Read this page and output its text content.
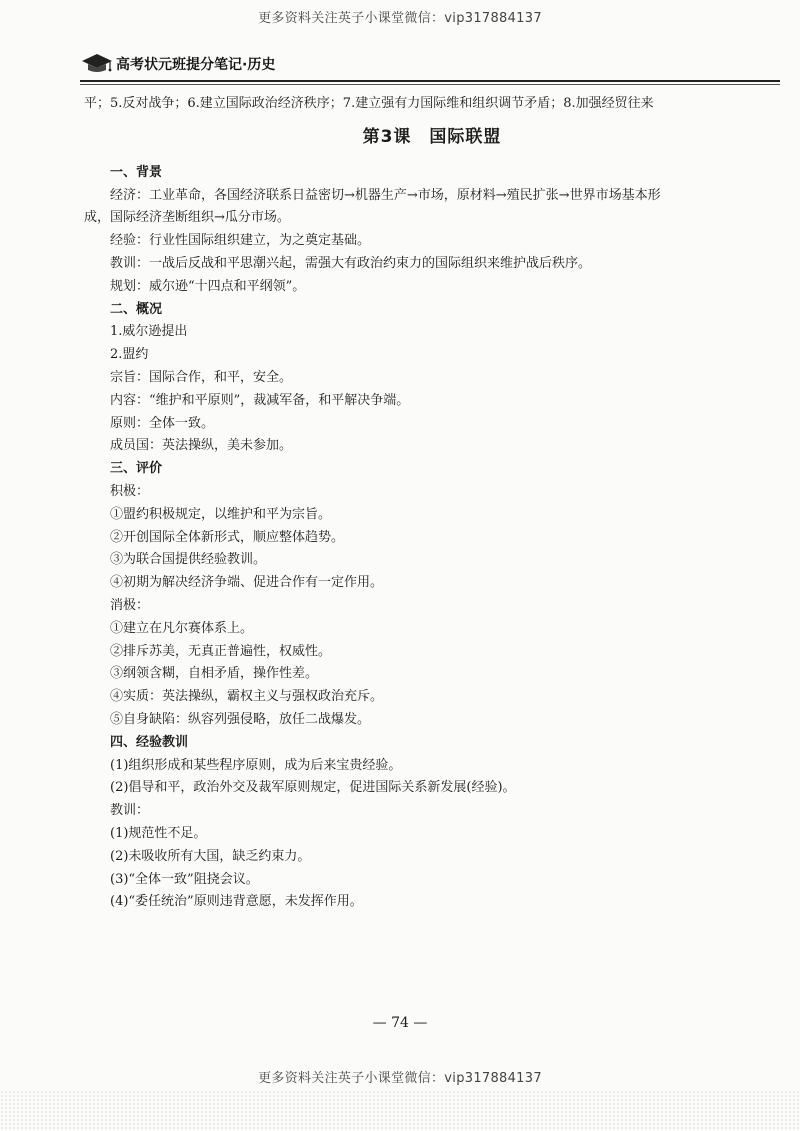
更多资料关注英子小课堂微信：vip317884137
高考状元班提分笔记·历史
平；5.反对战争；6.建立国际政治经济秩序；7.建立强有力国际维和组织调节矛盾；8.加强经贸往来
第3课　国际联盟
一、背景
经济：工业革命，各国经济联系日益密切→机器生产→市场，原材料→殖民扩张→世界市场基本形
成，国际经济垄断组织→瓜分市场。
经验：行业性国际组织建立，为之奠定基础。
教训：一战后反战和平思潮兴起，需强大有政治约束力的国际组织来维护战后秩序。
规划：威尔逊“十四点和平纲领”。
二、概况
1.威尔逊提出
2.盟约
宗旨：国际合作，和平，安全。
内容：“维护和平原则”，裁减军备，和平解决争端。
原则：全体一致。
成员国：英法操纵，美未参加。
三、评价
积极：
①盟约积极规定，以维护和平为宗旨。
②开创国际全体新形式，顺应整体趋势。
③为联合国提供经验教训。
④初期为解决经济争端、促进合作有一定作用。
消极：
①建立在凡尔赛体系上。
②排斥苏美，无真正普遍性，权威性。
③纲领含糊，自相矛盾，操作性差。
④实质：英法操纵，霸权主义与强权政治充斥。
⑤自身缺陷：纵容列强侵略，放任二战爆发。
四、经验教训
(1)组织形成和某些程序原则，成为后来宝贵经验。
(2)倡导和平，政治外交及裁军原则规定，促进国际关系新发展(经验)。
教训：
(1)规范性不足。
(2)未吸收所有大国，缺乏约束力。
(3)“全体一致”阻挠会议。
(4)“委任统治”原则违背意愿，未发挥作用。
— 74 —
更多资料关注英子小课堂微信：vip317884137
